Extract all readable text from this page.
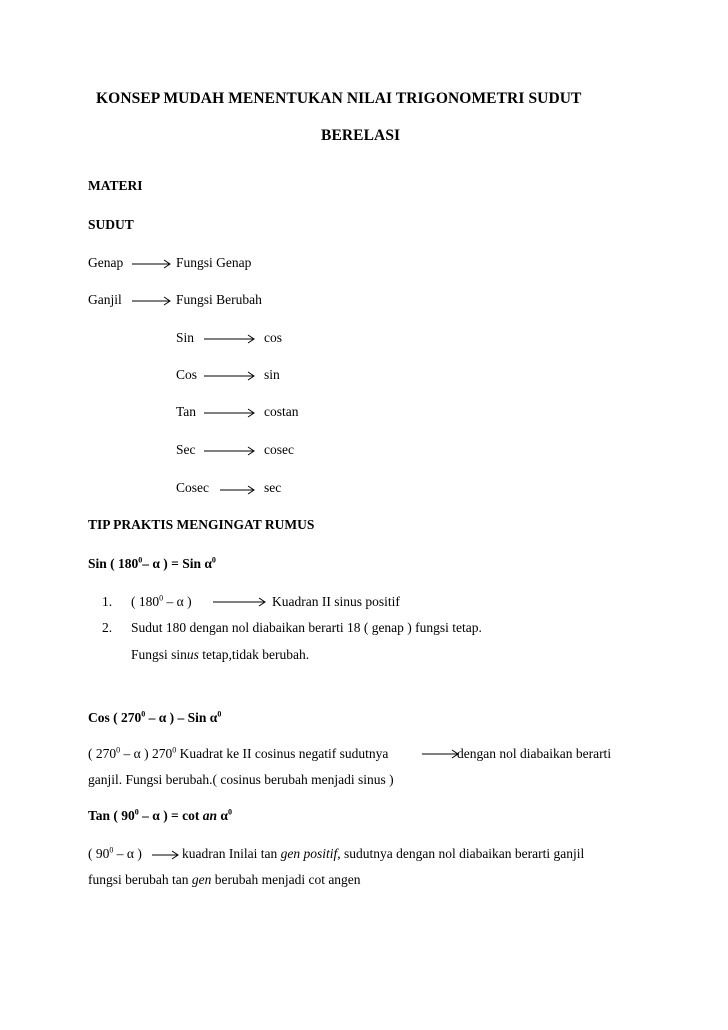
KONSEP MUDAH MENENTUKAN NILAI TRIGONOMETRI SUDUT
BERELASI
MATERI
SUDUT
Genap	Fungsi Genap
Ganjil	Fungsi Berubah
Sin	cos
Cos	sin
Tan	costan
Sec	cosec
Cosec	sec
TIP PRAKTIS MENGINGAT RUMUS
Sin ( $180^0-$ α ) = Sin $\alpha^0$
1. ( $180^0$ – α )	Kuadran II sinus positif
2. Sudut 180 dengan nol diabaikan berarti 18 ( genap ) fungsi tetap.
Fungsi sinus tetap,tidak berubah.
Cos ( $270^0$ – α ) – Sin $\alpha^0$
( $270^0$ – α ) $270^0$ Kuadrat ke II cosinus negatif sudutnya	dengan nol diabaikan berarti
ganjil. Fungsi berubah.( cosinus berubah menjadi sinus )
Tan ( $90^0$ – α ) = cot an $\alpha^0$
( $90^0$ – α )	kuadran Inilai tan gen positif, sudutnya dengan nol diabaikan berarti ganjil
fungsi berubah tan gen berubah menjadi cot angen
